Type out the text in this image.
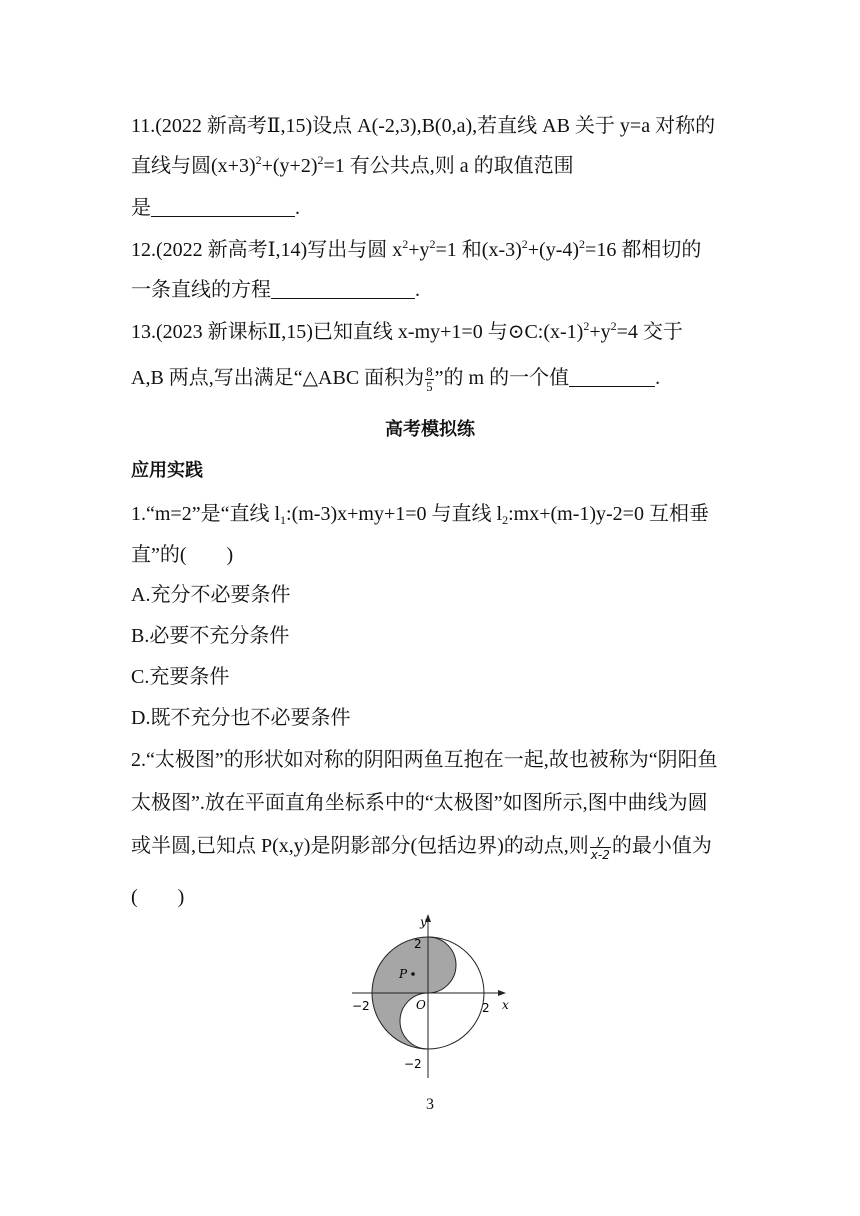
11.(2022 新高考Ⅱ,15)设点 A(-2,3),B(0,a),若直线 AB 关于 y=a 对称的
直线与圆$(x+3)^2+(y+2)^2=1$ 有公共点,则 a 的取值范围
是	.
12.(2022 新高考Ⅰ,14)写出与圆 $x^2+y^2=1$ 和$(x-3)^2+(y-4)^2=16$ 都相切的
一条直线的方程	.
13.(2023 新课标Ⅱ,15)已知直线 x-my+1=0 与$⊙C:(x-1)^2+y^2=4$ 交于
A,B 两点,写出满足“△ABC 面积为 $\frac{8}{5}$ ”的 m 的一个值	.
高考模拟练
应用实践
1.“m=2”是“直线 $l_1:(m-3)x+my+1=0$ 与直线 $l_2:mx+(m-1)y-2=0$ 互相垂
直”的(　　)
A.充分不必要条件
B.必要不充分条件
C.充要条件
D.既不充分也不必要条件
2.“太极图”的形状如对称的阴阳两鱼互抱在一起,故也被称为“阴阳鱼
太极图”.放在平面直角坐标系中的“太极图”如图所示,图中曲线为圆
或半圆,已知点 P(x,y)是阴影部分(包括边界)的动点,则 $\frac{y}{x-2}$ 的最小值为
(　　)
y
x
2
−2
−2	2
O
P
3
